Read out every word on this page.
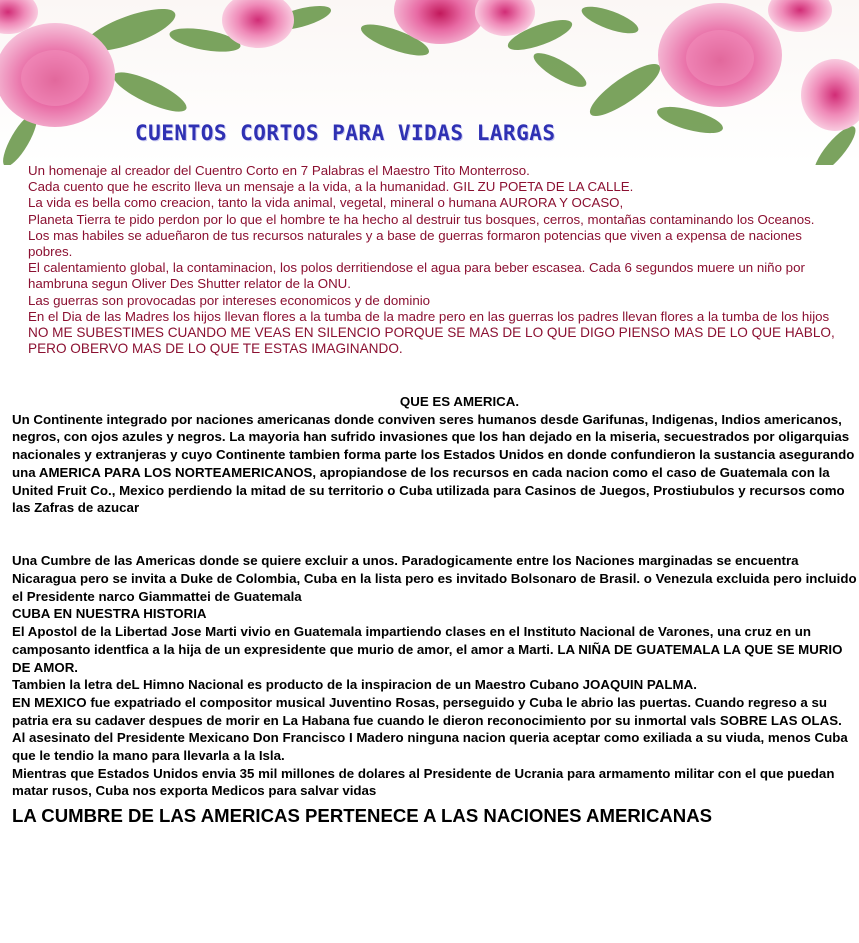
CUENTOS CORTOS PARA VIDAS LARGAS

Un homenaje al creador del Cuentro Corto en 7 Palabras el Maestro Tito Monterroso.

Cada cuento que he escrito lleva un mensaje a la vida, a la humanidad. GIL ZU POETA DE LA CALLE.

La vida es bella como creacion, tanto la vida animal, vegetal, mineral o humana AURORA Y OCASO,

Planeta Tierra te pido perdon por lo que el hombre te ha hecho al destruir tus bosques, cerros, montañas contaminando los Oceanos.

Los mas habiles se adueñaron de tus recursos naturales y a base de guerras formaron potencias que viven a expensa de naciones pobres.

El calentamiento global, la contaminacion, los polos derritiendose el agua para beber escasea. Cada 6 segundos muere un niño por hambruna segun Oliver Des Shutter relator de la ONU.

Las guerras son provocadas por intereses economicos y de dominio

En el Dia de las Madres los hijos llevan flores a la tumba de la madre pero en las guerras los padres llevan flores a la tumba de los hijos

NO ME SUBESTIMES CUANDO ME VEAS EN SILENCIO PORQUE SE MAS DE LO QUE DIGO PIENSO MAS DE LO QUE HABLO, PERO OBERVO MAS DE LO QUE TE ESTAS IMAGINANDO.

QUE ES AMERICA.

Un Continente integrado por naciones americanas donde conviven seres humanos desde Garifunas, Indigenas, Indios americanos, negros, con ojos azules y negros. La mayoria han sufrido invasiones que los han dejado en la miseria, secuestrados por oligarquias nacionales y extranjeras y cuyo Continente tambien forma parte los Estados Unidos en donde confundieron la sustancia asegurando una AMERICA PARA LOS NORTEAMERICANOS, apropiandose de los recursos en cada nacion como el caso de Guatemala con la United Fruit Co., Mexico perdiendo la mitad de su territorio o Cuba utilizada para Casinos de Juegos, Prostiubulos y recursos como las Zafras de azucar

Una Cumbre de las Americas donde se quiere excluir a unos. Paradogicamente entre los Naciones marginadas se encuentra Nicaragua pero se invita a Duke de Colombia, Cuba en la lista pero es invitado Bolsonaro de Brasil. o Venezula excluida pero incluido el Presidente narco Giammattei de Guatemala

CUBA EN NUESTRA HISTORIA

El Apostol de la Libertad Jose Marti vivio en Guatemala impartiendo clases en el Instituto Nacional de Varones, una cruz en un camposanto identfica a la hija de un expresidente que murio de amor, el amor a Marti. LA NIÑA DE GUATEMALA LA QUE SE MURIO DE AMOR.

Tambien la letra deL Himno Nacional es producto de la inspiracion de un Maestro Cubano JOAQUIN PALMA.

EN MEXICO fue expatriado el compositor musical Juventino Rosas, perseguido y Cuba le abrio las puertas. Cuando regreso a su patria era su cadaver despues de morir en La Habana fue cuando le dieron reconocimiento por su inmortal vals SOBRE LAS OLAS.

Al asesinato del Presidente Mexicano Don Francisco I Madero ninguna nacion queria aceptar como exiliada a su viuda, menos Cuba que le tendio la mano para llevarla a la Isla.

Mientras que Estados Unidos envia 35 mil millones de dolares al Presidente de Ucrania para armamento militar con el que puedan matar rusos, Cuba nos exporta Medicos para salvar vidas

LA CUMBRE DE LAS AMERICAS PERTENECE A LAS NACIONES AMERICANAS
